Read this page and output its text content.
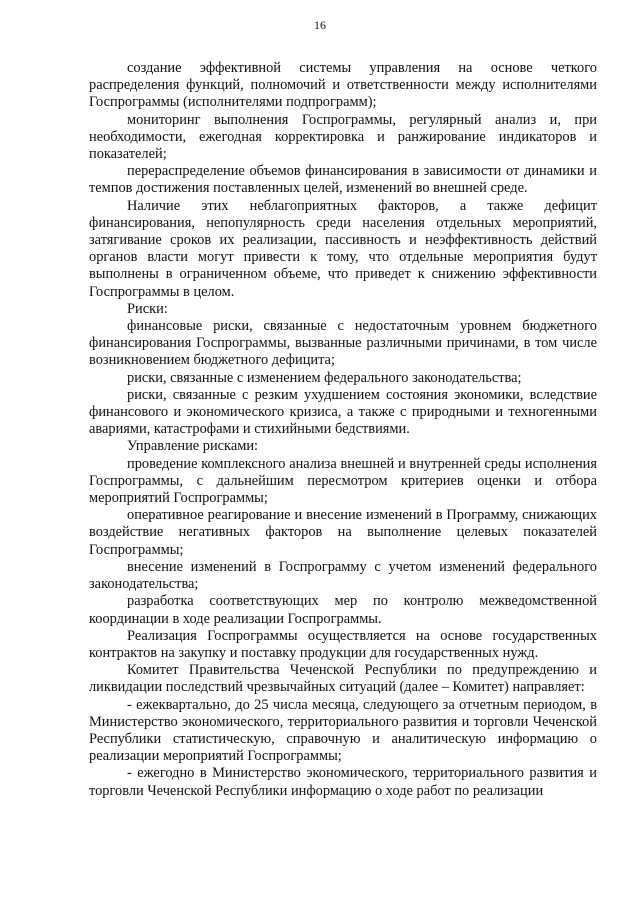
16

создание эффективной системы управления на основе четкого распределения функций, полномочий и ответственности между исполнителями Госпрограммы (исполнителями подпрограмм);

мониторинг выполнения Госпрограммы, регулярный анализ и, при необходимости, ежегодная корректировка и ранжирование индикаторов и показателей;

перераспределение объемов финансирования в зависимости от динамики и темпов достижения поставленных целей, изменений во внешней среде.

Наличие этих неблагоприятных факторов, а также дефицит финансирования, непопулярность среди населения отдельных мероприятий, затягивание сроков их реализации, пассивность и неэффективность действий органов власти могут привести к тому, что отдельные мероприятия будут выполнены в ограниченном объеме, что приведет к снижению эффективности Госпрограммы в целом.

Риски:

финансовые риски, связанные с недостаточным уровнем бюджетного финансирования Госпрограммы, вызванные различными причинами, в том числе возникновением бюджетного дефицита;

риски, связанные с изменением федерального законодательства;

риски, связанные с резким ухудшением состояния экономики, вследствие финансового и экономического кризиса, а также с природными и техногенными авариями, катастрофами и стихийными бедствиями.

Управление рисками:

проведение комплексного анализа внешней и внутренней среды исполнения Госпрограммы, с дальнейшим пересмотром критериев оценки и отбора мероприятий Госпрограммы;

оперативное реагирование и внесение изменений в Программу, снижающих воздействие негативных факторов на выполнение целевых показателей Госпрограммы;

внесение изменений в Госпрограмму с учетом изменений федерального законодательства;

разработка соответствующих мер по контролю межведомственной координации в ходе реализации Госпрограммы.

Реализация Госпрограммы осуществляется на основе государственных контрактов на закупку и поставку продукции для государственных нужд.

Комитет Правительства Чеченской Республики по предупреждению и ликвидации последствий чрезвычайных ситуаций (далее – Комитет) направляет:

- ежеквартально, до 25 числа месяца, следующего за отчетным периодом, в Министерство экономического, территориального развития и торговли Чеченской Республики статистическую, справочную и аналитическую информацию о реализации мероприятий Госпрограммы;

- ежегодно в Министерство экономического, территориального развития и торговли Чеченской Республики информацию о ходе работ по реализации
